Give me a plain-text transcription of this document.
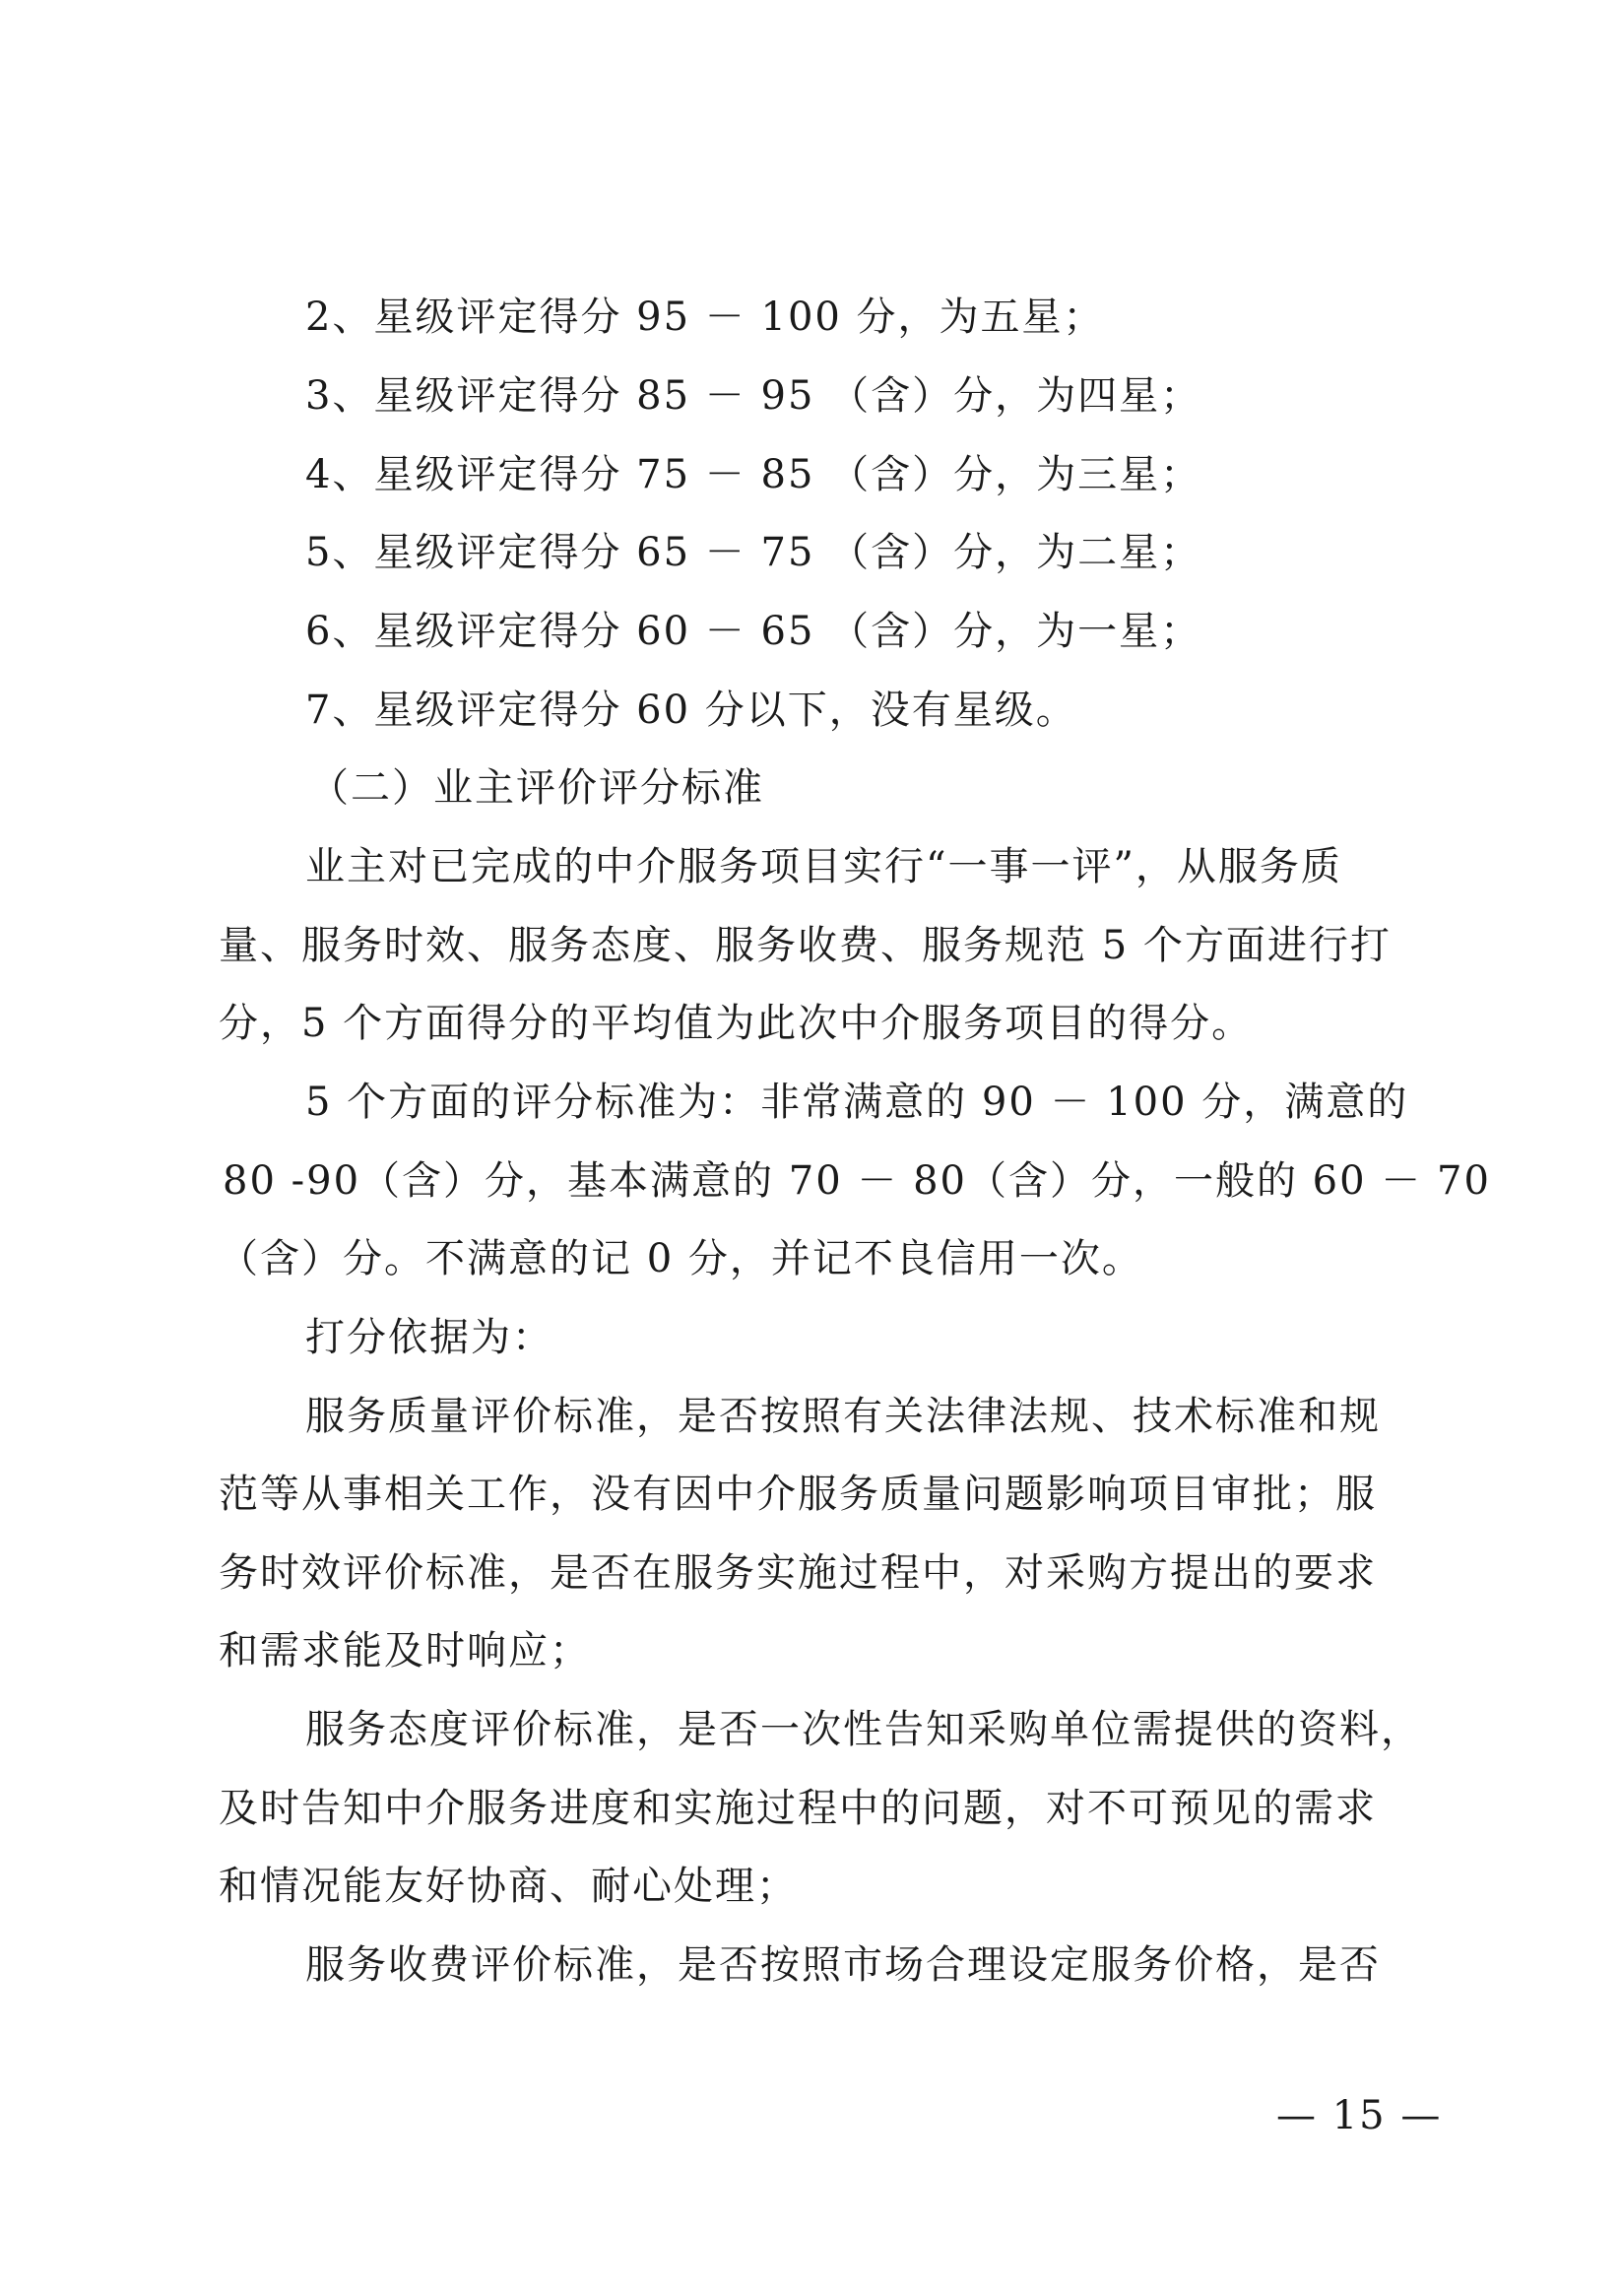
2、星级评定得分 95 － 100 分，为五星；
3、星级评定得分 85 － 95 （含）分，为四星；
4、星级评定得分 75 － 85 （含）分，为三星；
5、星级评定得分 65 － 75 （含）分，为二星；
6、星级评定得分 60 － 65 （含）分，为一星；
7、星级评定得分 60 分以下，没有星级。
（二）业主评价评分标准
业主对已完成的中介服务项目实行“一事一评”，从服务质
量、服务时效、服务态度、服务收费、服务规范 5 个方面进行打
分，5 个方面得分的平均值为此次中介服务项目的得分。
5 个方面的评分标准为：非常满意的 90 － 100 分，满意的
80 -90（含）分，基本满意的 70 － 80（含）分，一般的 60 － 70
（含）分。不满意的记 0 分，并记不良信用一次。
打分依据为：
服务质量评价标准，是否按照有关法律法规、技术标准和规
范等从事相关工作，没有因中介服务质量问题影响项目审批；服
务时效评价标准，是否在服务实施过程中，对采购方提出的要求
和需求能及时响应；
服务态度评价标准，是否一次性告知采购单位需提供的资料，
及时告知中介服务进度和实施过程中的问题，对不可预见的需求
和情况能友好协商、耐心处理；
服务收费评价标准，是否按照市场合理设定服务价格，是否
— 15 —
